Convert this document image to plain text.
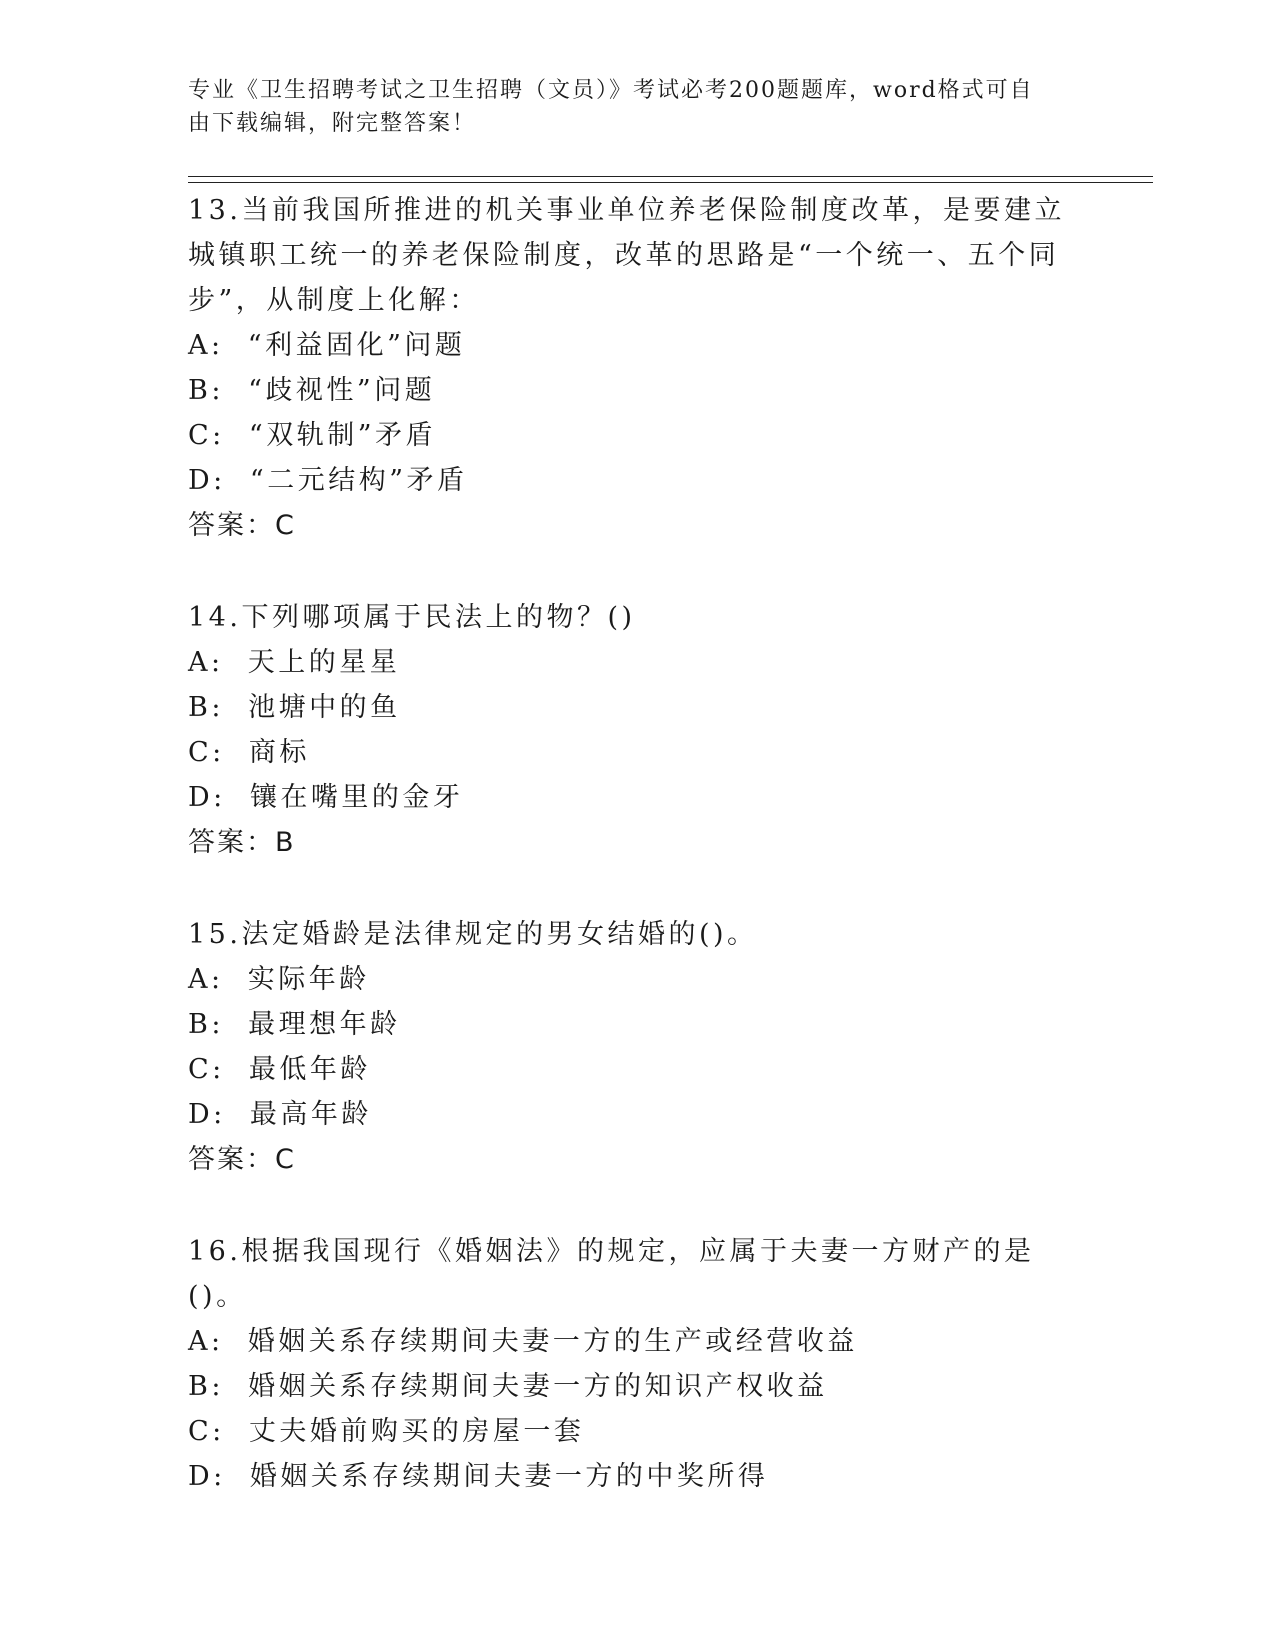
专业《卫生招聘考试之卫生招聘（文员）》考试必考200题题库，word格式可自
由下载编辑，附完整答案！
13.当前我国所推进的机关事业单位养老保险制度改革，是要建立城镇职工统一的养老保险制度，改革的思路是“一个统一、五个同步”，从制度上化解：
A:  “利益固化”问题
B:  “歧视性”问题
C:  “双轨制”矛盾
D:  “二元结构”矛盾
答案：C
14.下列哪项属于民法上的物？()
A:  天上的星星
B:  池塘中的鱼
C:  商标
D:  镶在嘴里的金牙
答案：B
15.法定婚龄是法律规定的男女结婚的()。
A:  实际年龄
B:  最理想年龄
C:  最低年龄
D:  最高年龄
答案：C
16.根据我国现行《婚姻法》的规定，应属于夫妻一方财产的是()。
A:  婚姻关系存续期间夫妻一方的生产或经营收益
B:  婚姻关系存续期间夫妻一方的知识产权收益
C:  丈夫婚前购买的房屋一套
D:  婚姻关系存续期间夫妻一方的中奖所得
